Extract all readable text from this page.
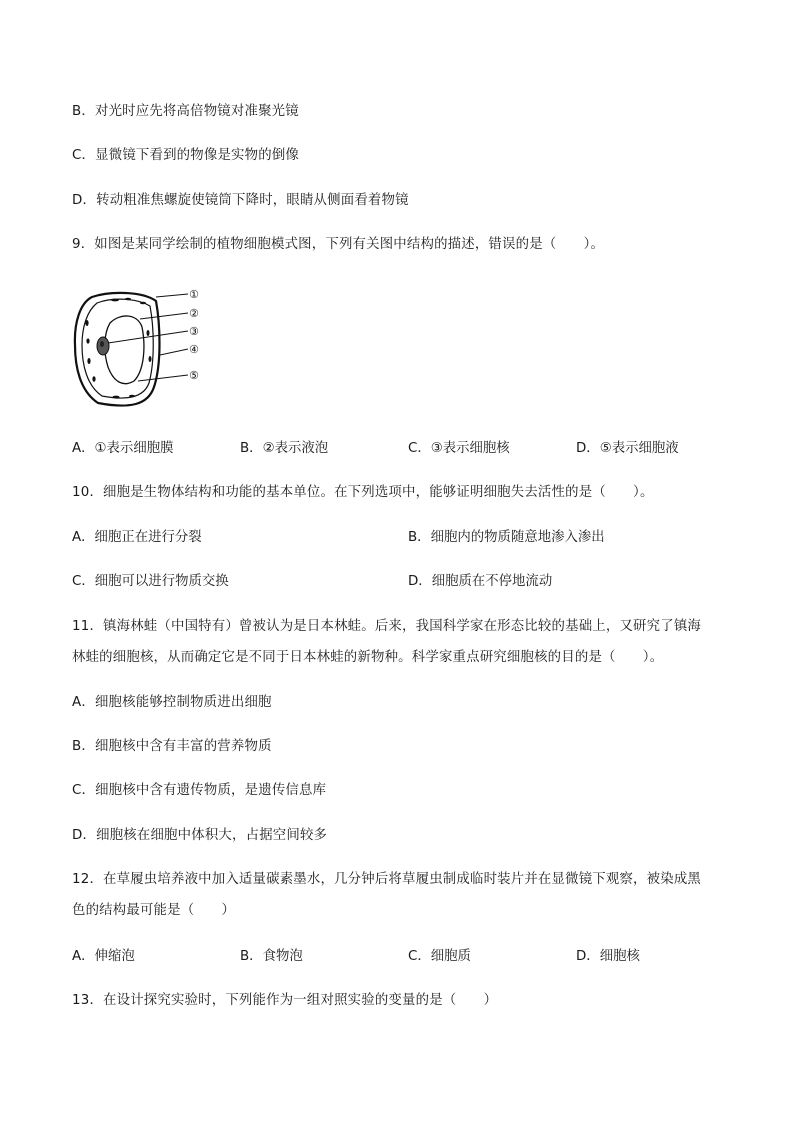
B．对光时应先将高倍物镜对准聚光镜
C．显微镜下看到的物像是实物的倒像
D．转动粗准焦螺旋使镜筒下降时，眼睛从侧面看着物镜
9．如图是某同学绘制的植物细胞模式图，下列有关图中结构的描述，错误的是（　　）。
①
②
③
④
⑤
A．①表示细胞膜	B．②表示液泡	C．③表示细胞核	D．⑤表示细胞液
10．细胞是生物体结构和功能的基本单位。在下列选项中，能够证明细胞失去活性的是（　　）。
A．细胞正在进行分裂	B．细胞内的物质随意地渗入渗出
C．细胞可以进行物质交换	D．细胞质在不停地流动
11．镇海林蛙（中国特有）曾被认为是日本林蛙。后来，我国科学家在形态比较的基础上，又研究了镇海
林蛙的细胞核，从而确定它是不同于日本林蛙的新物种。科学家重点研究细胞核的目的是（　　）。
A．细胞核能够控制物质进出细胞
B．细胞核中含有丰富的营养物质
C．细胞核中含有遗传物质，是遗传信息库
D．细胞核在细胞中体积大，占据空间较多
12．在草履虫培养液中加入适量碳素墨水，几分钟后将草履虫制成临时装片并在显微镜下观察，被染成黑
色的结构最可能是（　　）
A．伸缩泡	B．食物泡	C．细胞质	D．细胞核
13．在设计探究实验时，下列能作为一组对照实验的变量的是（　　）
